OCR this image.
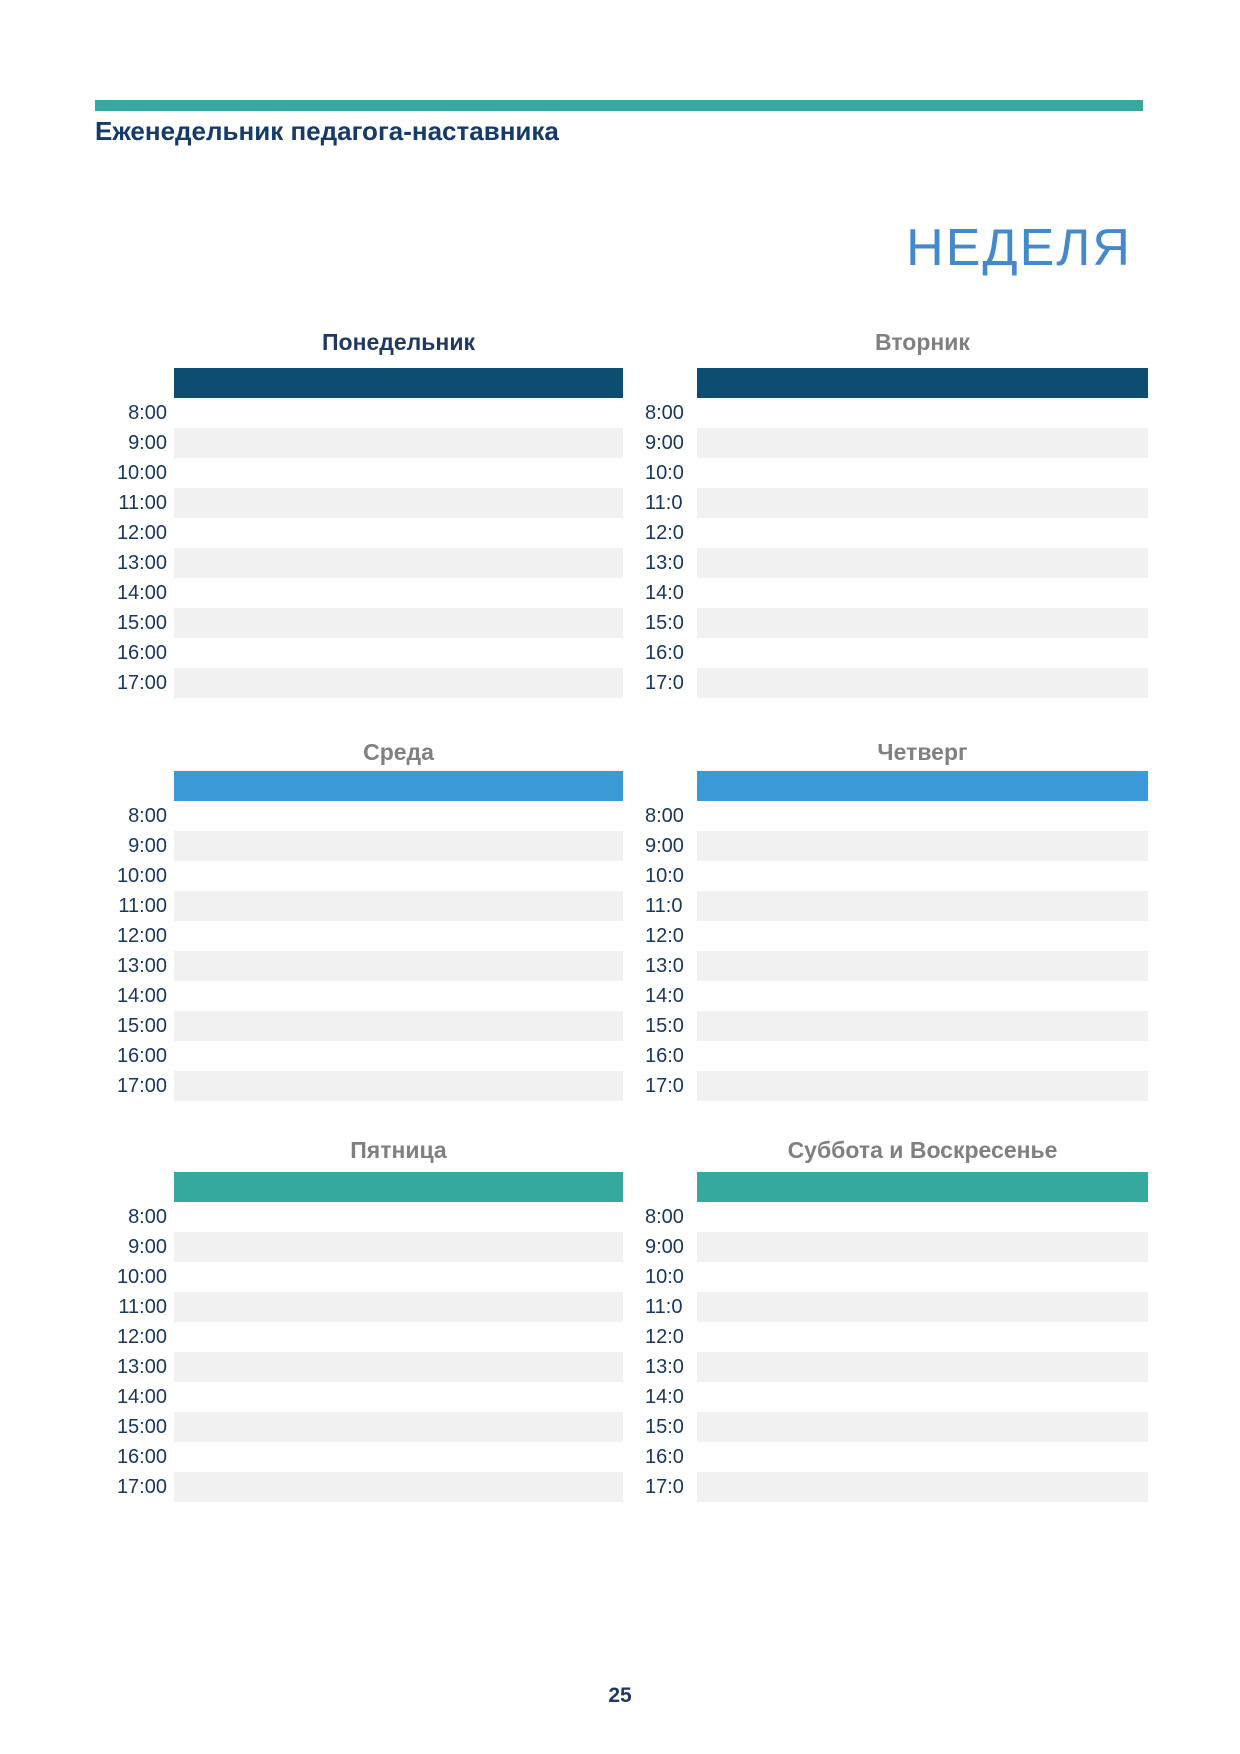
Еженедельник педагога-наставника
НЕДЕЛЯ
Понедельник
8:00
9:00
10:00
11:00
12:00
13:00
14:00
15:00
16:00
17:00
Вторник
8:00
9:00
10:0
11:0
12:0
13:0
14:0
15:0
16:0
17:0
Среда
8:00
9:00
10:00
11:00
12:00
13:00
14:00
15:00
16:00
17:00
Четверг
8:00
9:00
10:0
11:0
12:0
13:0
14:0
15:0
16:0
17:0
Пятница
8:00
9:00
10:00
11:00
12:00
13:00
14:00
15:00
16:00
17:00
Суббота и Воскресенье
8:00
9:00
10:0
11:0
12:0
13:0
14:0
15:0
16:0
17:0
25
